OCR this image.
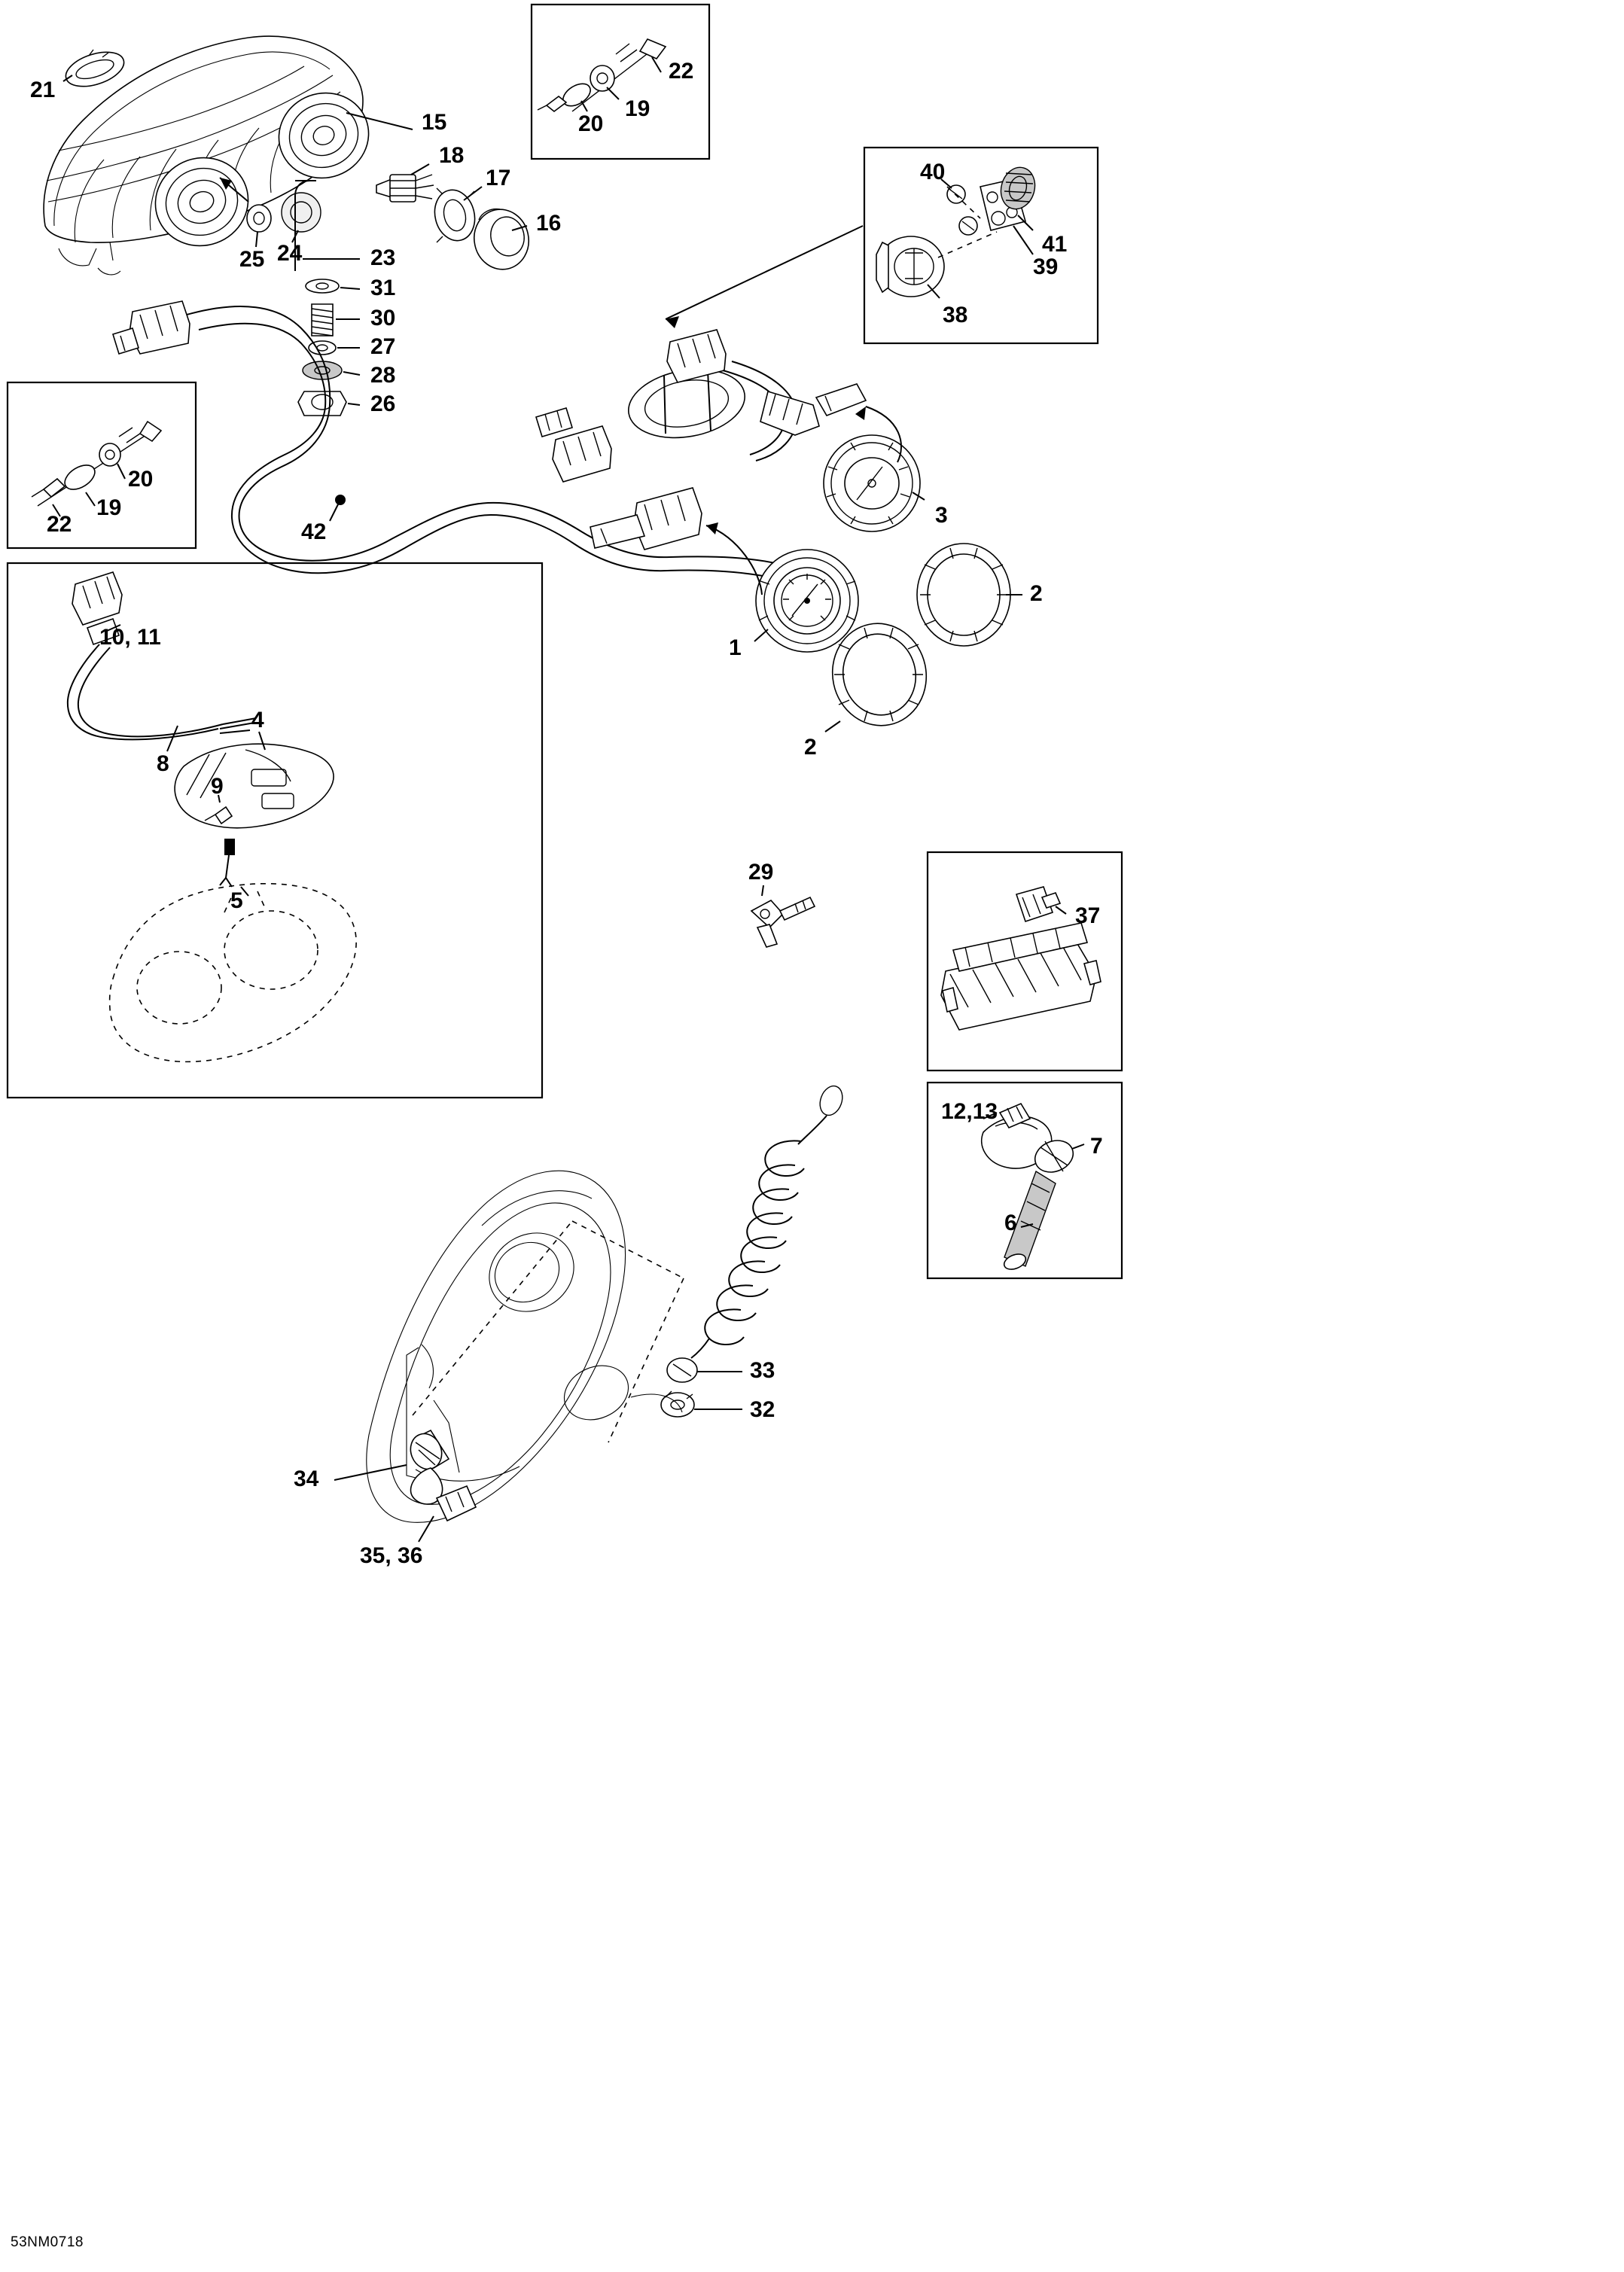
21
15
18
17
16
25 24	23
31
30
27
28
26
22
19
20
40
41
39
38
20
19
22	42
3
2
1
2
10, 11
8
4
9
5
29
37
12,13
7
6
33
32
34
35, 36
53NM0718
